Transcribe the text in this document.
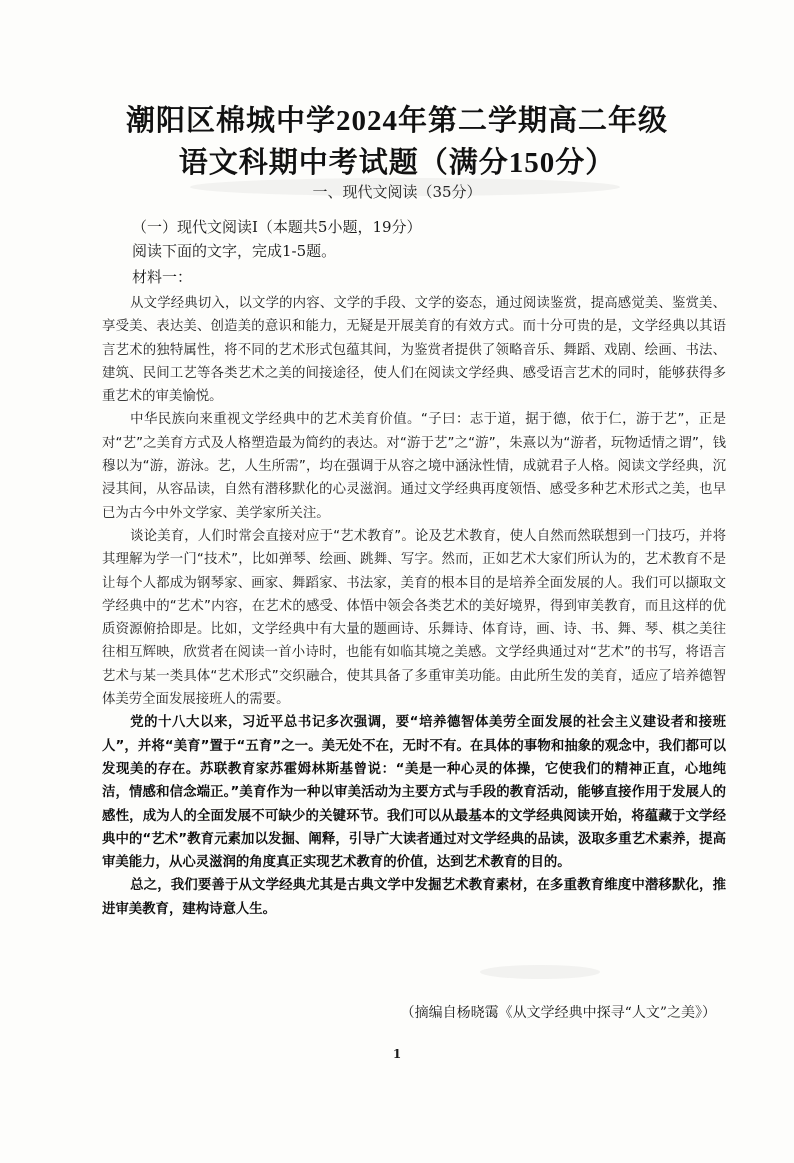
潮阳区棉城中学2024年第二学期高二年级
语文科期中考试题（满分150分）
一、现代文阅读（35分）
（一）现代文阅读Ⅰ（本题共5小题，19分）
阅读下面的文字，完成1-5题。
材料一：

从文学经典切入，以文学的内容、文学的手段、文学的姿态，通过阅读鉴赏，提高感觉美、鉴赏美、享受美、表达美、创造美的意识和能力，无疑是开展美育的有效方式。而十分可贵的是，文学经典以其语言艺术的独特属性，将不同的艺术形式包蕴其间，为鉴赏者提供了领略音乐、舞蹈、戏剧、绘画、书法、建筑、民间工艺等各类艺术之美的间接途径，使人们在阅读文学经典、感受语言艺术的同时，能够获得多重艺术的审美愉悦。

中华民族向来重视文学经典中的艺术美育价值。“子曰：志于道，据于德，依于仁，游于艺”，正是对“艺”之美育方式及人格塑造最为简约的表达。对“游于艺”之“游”，朱熹以为“游者，玩物适情之谓”，钱穆以为“游，游泳。艺，人生所需”，均在强调于从容之境中涵泳性情，成就君子人格。阅读文学经典，沉浸其间，从容品读，自然有潜移默化的心灵滋润。通过文学经典再度领悟、感受多种艺术形式之美，也早已为古今中外文学家、美学家所关注。

谈论美育，人们时常会直接对应于“艺术教育”。论及艺术教育，使人自然而然联想到一门技巧，并将其理解为学一门“技术”，比如弹琴、绘画、跳舞、写字。然而，正如艺术大家们所认为的，艺术教育不是让每个人都成为钢琴家、画家、舞蹈家、书法家，美育的根本目的是培养全面发展的人。我们可以撷取文学经典中的“艺术”内容，在艺术的感受、体悟中领会各类艺术的美好境界，得到审美教育，而且这样的优质资源俯拾即是。比如，文学经典中有大量的题画诗、乐舞诗、体育诗，画、诗、书、舞、琴、棋之美往往相互辉映，欣赏者在阅读一首小诗时，也能有如临其境之美感。文学经典通过对“艺术”的书写，将语言艺术与某一类具体“艺术形式”交织融合，使其具备了多重审美功能。由此所生发的美育，适应了培养德智体美劳全面发展接班人的需要。

党的十八大以来，习近平总书记多次强调，要“培养德智体美劳全面发展的社会主义建设者和接班人”，并将“美育”置于“五育”之一。美无处不在，无时不有。在具体的事物和抽象的观念中，我们都可以发现美的存在。苏联教育家苏霍姆林斯基曾说：“美是一种心灵的体操，它使我们的精神正直，心地纯洁，情感和信念端正。”美育作为一种以审美活动为主要方式与手段的教育活动，能够直接作用于发展人的感性，成为人的全面发展不可缺少的关键环节。我们可以从最基本的文学经典阅读开始，将蕴藏于文学经典中的“艺术”教育元素加以发掘、阐释，引导广大读者通过对文学经典的品读，汲取多重艺术素养，提高审美能力，从心灵滋润的角度真正实现艺术教育的价值，达到艺术教育的目的。

总之，我们要善于从文学经典尤其是古典文学中发掘艺术教育素材，在多重教育维度中潜移默化，推进审美教育，建构诗意人生。

（摘编自杨晓霭《从文学经典中探寻“人文”之美》）
1
